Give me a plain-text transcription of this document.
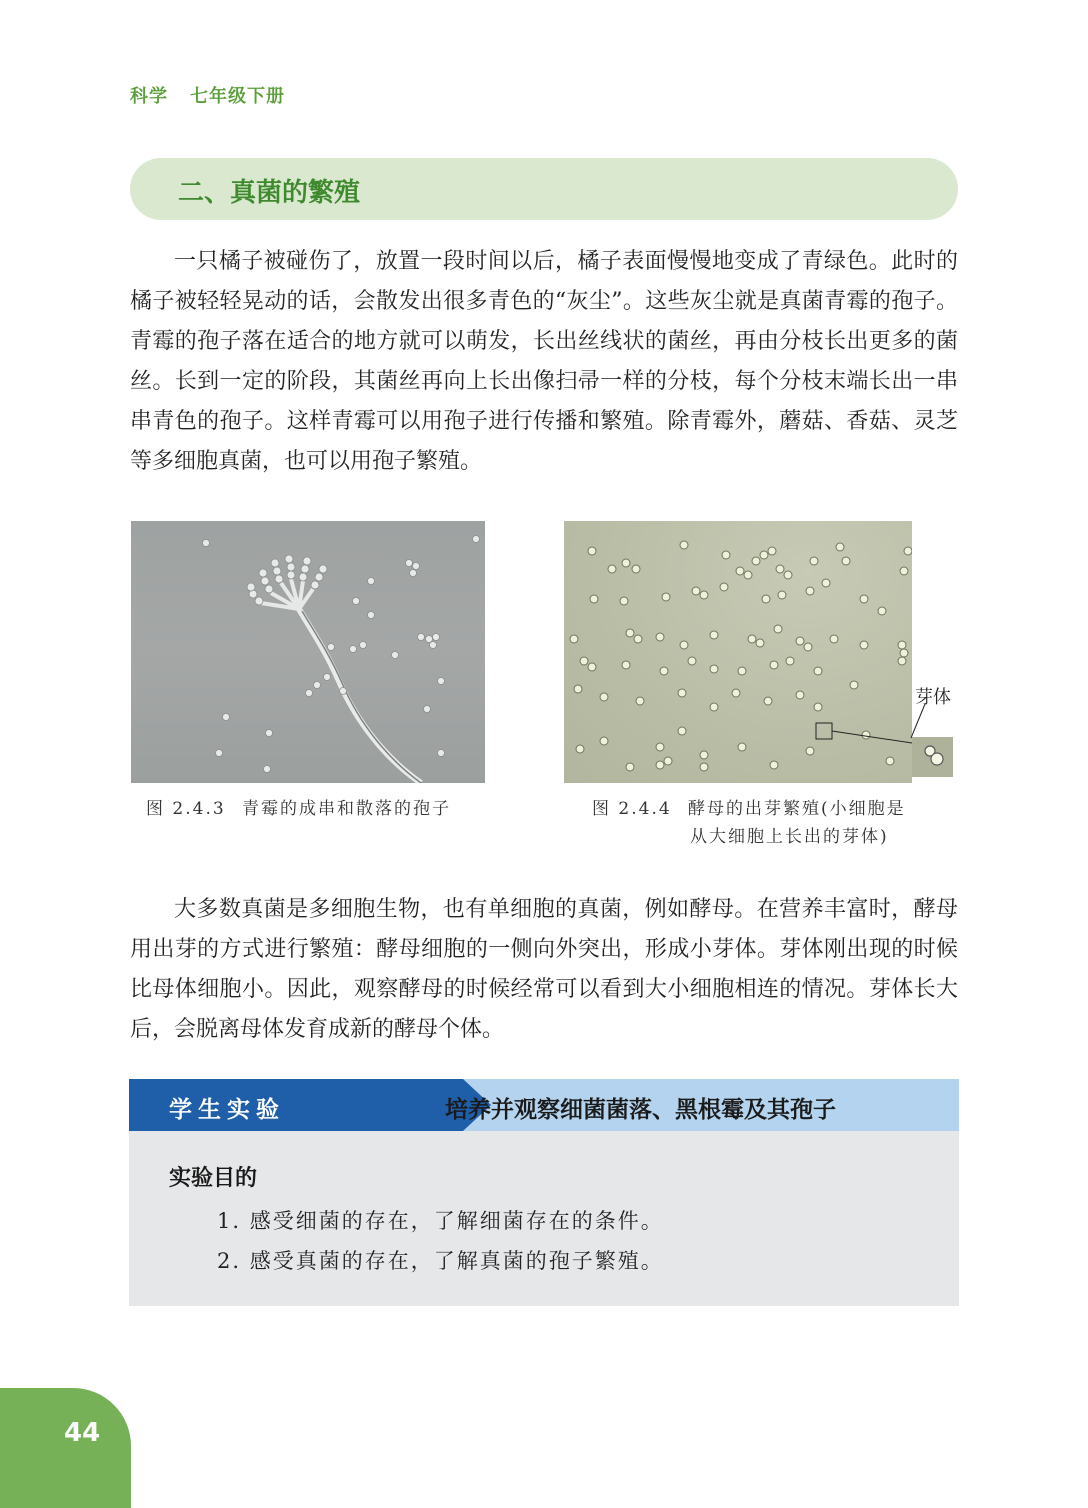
科学 七年级下册
二、真菌的繁殖

一只橘子被碰伤了，放置一段时间以后，橘子表面慢慢地变成了青绿色。此时的橘子被轻轻晃动的话，会散发出很多青色的“灰尘”。这些灰尘就是真菌青霉的孢子。青霉的孢子落在适合的地方就可以萌发，长出丝线状的菌丝，再由分枝长出更多的菌丝。长到一定的阶段，其菌丝再向上长出像扫帚一样的分枝，每个分枝末端长出一串串青色的孢子。这样青霉可以用孢子进行传播和繁殖。除青霉外，蘑菇、香菇、灵芝等多细胞真菌，也可以用孢子繁殖。

芽体
图 2.4.3 青霉的成串和散落的孢子	图 2.4.4 酵母的出芽繁殖(小细胞是
从大细胞上长出的芽体)

大多数真菌是多细胞生物，也有单细胞的真菌，例如酵母。在营养丰富时，酵母用出芽的方式进行繁殖：酵母细胞的一侧向外突出，形成小芽体。芽体刚出现的时候比母体细胞小。因此，观察酵母的时候经常可以看到大小细胞相连的情况。芽体长大后，会脱离母体发育成新的酵母个体。

学生实验	培养并观察细菌菌落、黑根霉及其孢子
实验目的
1. 感受细菌的存在，了解细菌存在的条件。
2. 感受真菌的存在，了解真菌的孢子繁殖。
44
